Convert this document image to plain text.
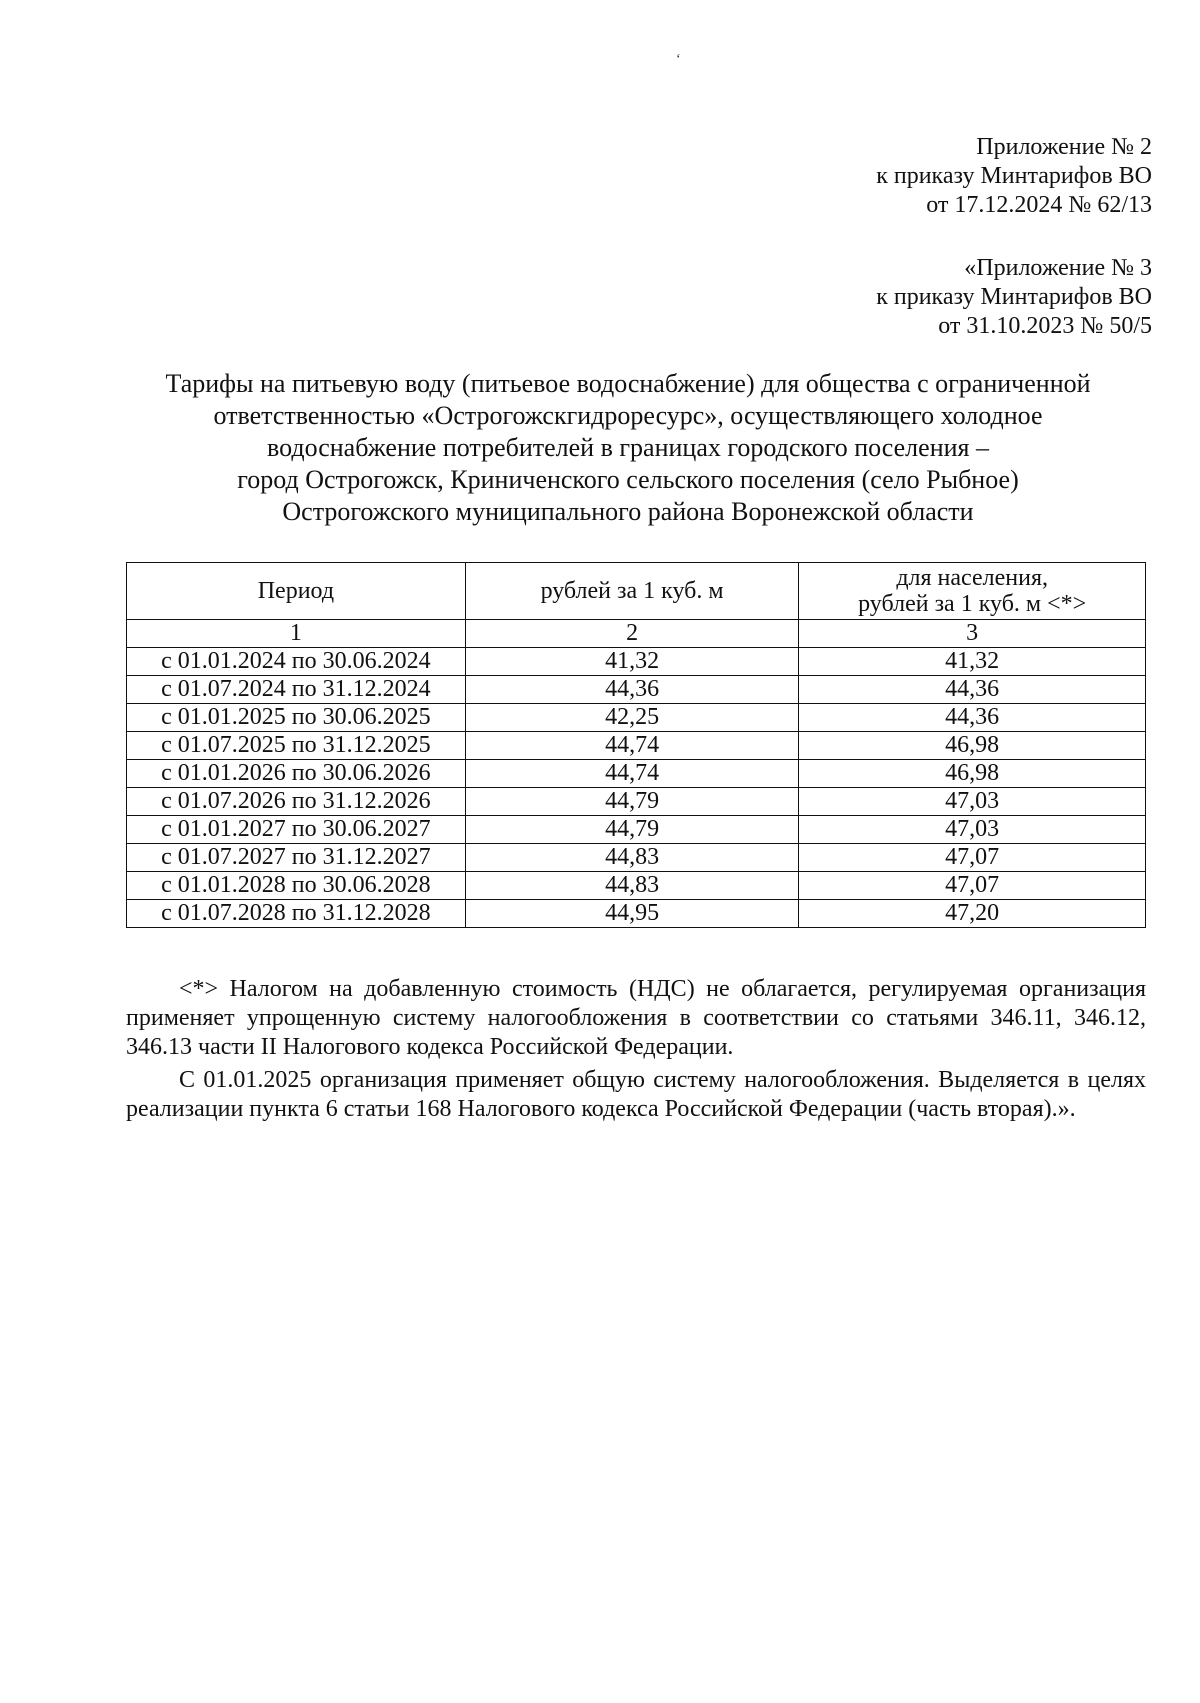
‘
Приложение № 2
к приказу Минтарифов ВО
от 17.12.2024 № 62/13
«Приложение № 3
к приказу Минтарифов ВО
от 31.10.2023 № 50/5
Тарифы на питьевую воду (питьевое водоснабжение) для общества с ограниченной
ответственностью «Острогожскгидроресурс», осуществляющего холодное
водоснабжение потребителей в границах городского поселения –
город Острогожск, Криниченского сельского поселения (село Рыбное)
Острогожского муниципального района Воронежской области
Период	рублей за 1 куб. м	для населения,
рублей за 1 куб. м <*>

1	2	3
с 01.01.2024 по 30.06.2024	41,32	41,32
с 01.07.2024 по 31.12.2024	44,36	44,36
с 01.01.2025 по 30.06.2025	42,25	44,36
с 01.07.2025 по 31.12.2025	44,74	46,98
с 01.01.2026 по 30.06.2026	44,74	46,98
с 01.07.2026 по 31.12.2026	44,79	47,03
с 01.01.2027 по 30.06.2027	44,79	47,03
с 01.07.2027 по 31.12.2027	44,83	47,07
с 01.01.2028 по 30.06.2028	44,83	47,07
с 01.07.2028 по 31.12.2028	44,95	47,20

<*> Налогом на добавленную стоимость (НДС) не облагается, регулируемая организация применяет упрощенную систему налогообложения в соответствии со статьями 346.11, 346.12, 346.13 части II Налогового кодекса Российской Федерации.

С 01.01.2025 организация применяет общую систему налогообложения. Выделяется в целях реализации пункта 6 статьи 168 Налогового кодекса Российской Федерации (часть вторая).».
